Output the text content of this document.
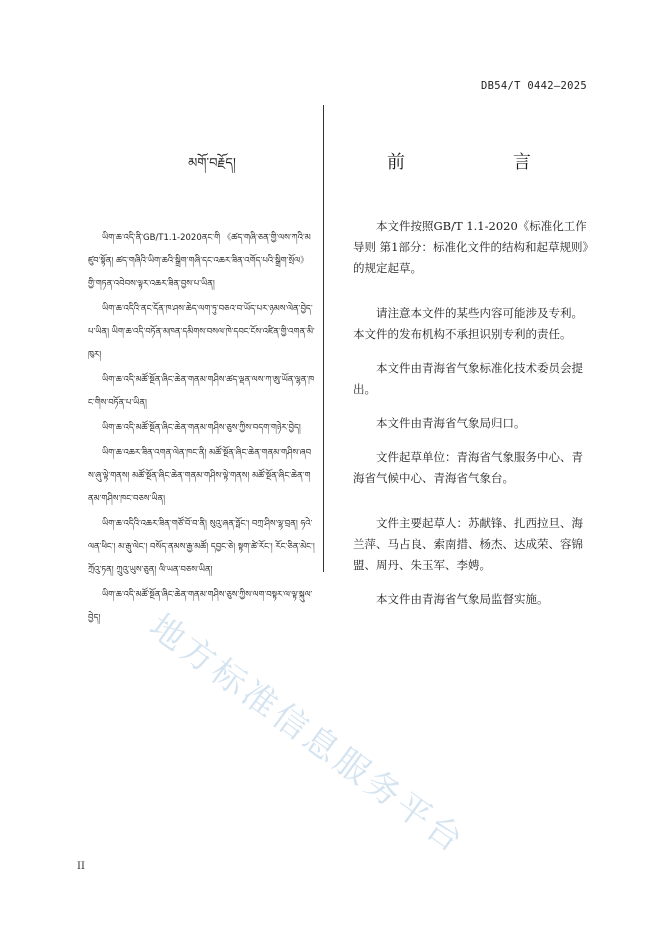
DB54/T 0442—2025
མགོ་བརྗོད།

ཡིག་ཆ་འདི་ནི་GB/T1.1-2020ནང་གི 《ཚད་གཞི་ཅན་གྱི་ལས་ཀའི་མཛུབ་སྟོན། ཚད་གཞིའི་ཡིག་ཆའི་སྒྲིག་གཞི་དང་འཆར་ཟིན་འགོད་པའི་སྒྲིག་སྲོལ》 གྱི་གཏན་འབེབས་ལྟར་འཆར་ཟིན་བྱས་པ་ཡིན།

ཡིག་ཆ་འདིའི་ནང་དོན་ཁ་ཤས་ཆེད་ལག་ཏུ་བཅའ་བ་ཡོད་པར་ཉམས་ལེན་བྱེད་པ་ཡིན། ཡིག་ཆ་འདི་བཏོན་མཁན་དམིགས་བསལ་ཁེ་དབང་ངོས་འཛིན་གྱི་འགན་མི་ཁུར།

ཡིག་ཆ་འདི་མཚོ་སྔོན་ཞིང་ཆེན་གནམ་གཤིས་ཚད་ལྡན་ལས་ཀ་ཨུ་ཡོན་ལྷན་ཁང་གིས་བཏོན་པ་ཡིན།

ཡིག་ཆ་འདི་མཚོ་སྔོན་ཞིང་ཆེན་གནམ་གཤིས་ཅུས་ཀྱིས་བདག་གཉེར་བྱེད།

ཡིག་ཆ་འཆར་ཟིན་འགན་ལེན་ཁང་ནི། མཚོ་སྔོན་ཞིང་ཆེན་གནམ་གཤིས་ཞབས་ཞུ་ལྟེ་གནས། མཚོ་སྔོན་ཞིང་ཆེན་གནམ་གཤིས་ལྟེ་གནས། མཚོ་སྔོན་ཞིང་ཆེན་གནམ་གཤིས་ཁང་བཅས་ཡིན།

ཡིག་ཆ་འདིའི་འཆར་ཟིན་གཙོ་བོ་བ་ནི། སུའུ་ཞན་ཧྥོང་། བཀྲ་ཤིས་ལྷ་བྲན། ཧའེ་ལན་ཕིང་། མ་རྒུ་ལེང་། བསོད་ནམས་རྒྱ་མཚོ། དབྱང་ཅེ། སྟག་ཚེ་རོང་། རོང་ཅིན་མེང་། ཀྲོའུ་ཏན། ཀྲུའུ་ཡུས་ཅུན། ལི་ཡན་བཅས་ཡིན།

ཡིག་ཆ་འདི་མཚོ་སྔོན་ཞིང་ཆེན་གནམ་གཤིས་ཅུས་ཀྱིས་ལག་བསྟར་ལ་ལྟ་སྐུལ་བྱེད།

前　　言

本文件按照GB/T 1.1-2020《标准化工作导则 第1部分：标准化文件的结构和起草规则》的规定起草。

请注意本文件的某些内容可能涉及专利。本文件的发布机构不承担识别专利的责任。

本文件由青海省气象标准化技术委员会提出。

本文件由青海省气象局归口。

文件起草单位：青海省气象服务中心、青海省气候中心、青海省气象台。

文件主要起草人：苏献锋、扎西拉旦、海兰萍、马占良、索南措、杨杰、达成荣、容锦盟、周丹、朱玉军、李娉。

本文件由青海省气象局监督实施。

地方标准信息服务平台
II
